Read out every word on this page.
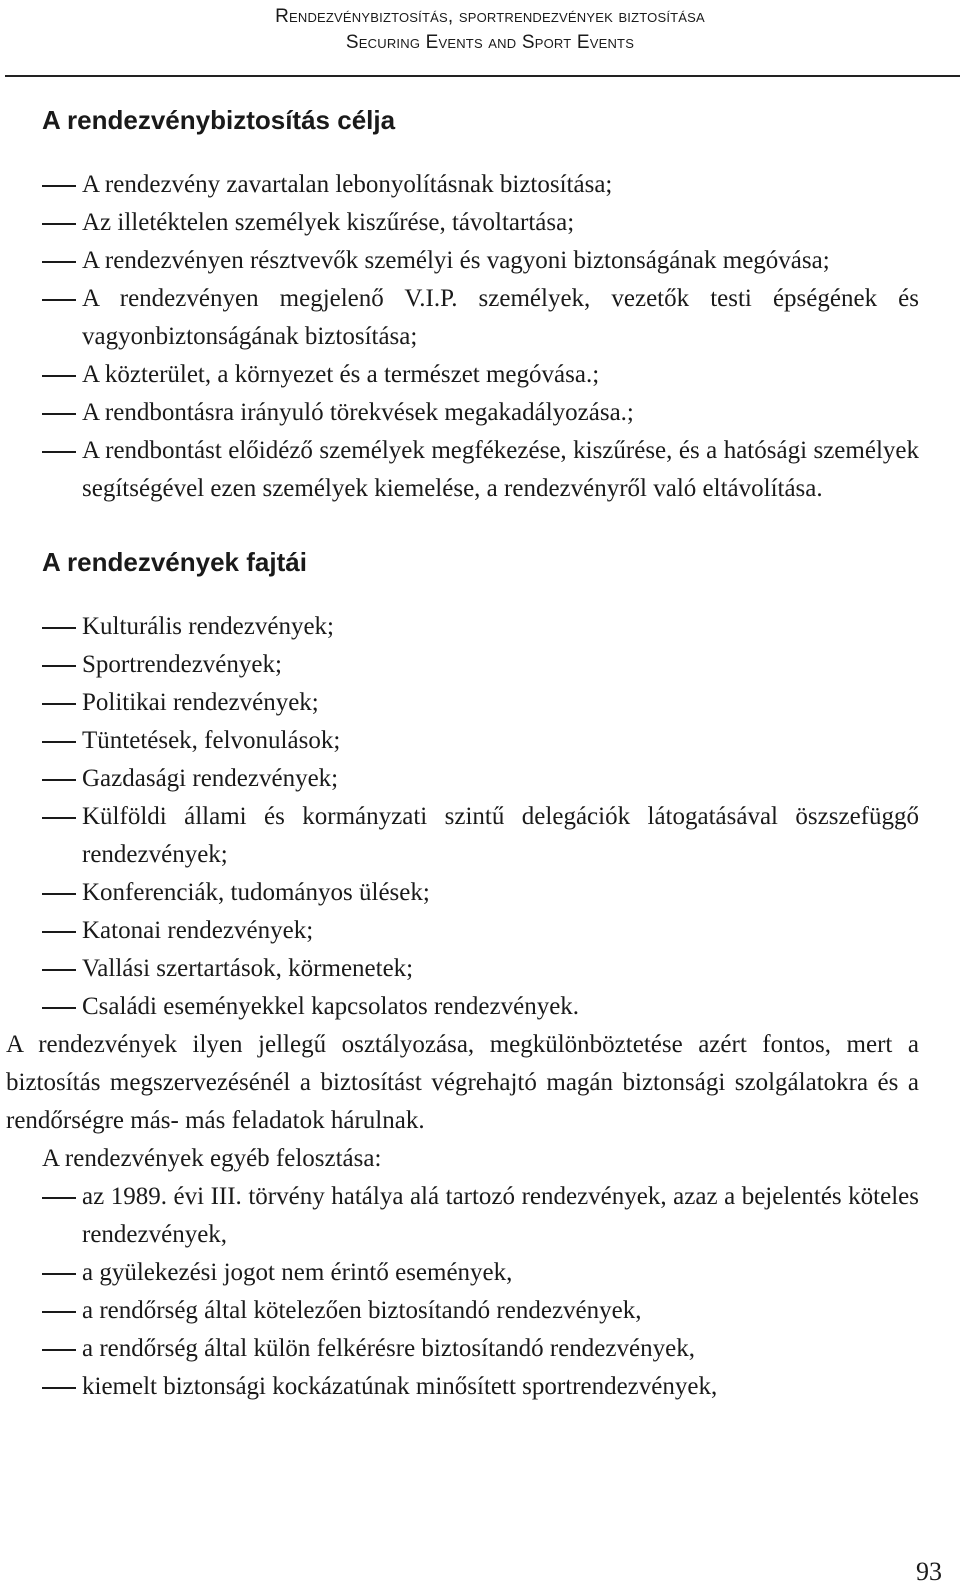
Rendezvénybiztosítás, sportrendezvények biztosítása
Securing Events and Sport Events
A rendezvénybiztosítás célja
A rendezvény zavartalan lebonyolításnak biztosítása;
Az illetéktelen személyek kiszűrése, távoltartása;
A rendezvényen résztvevők személyi és vagyoni biztonságának megóvása;
A rendezvényen megjelenő V.I.P. személyek, vezetők testi épségének és vagyonbiztonságának biztosítása;
A közterület, a környezet és a természet megóvása.;
A rendbontásra irányuló törekvések megakadályozása.;
A rendbontást előidéző személyek megfékezése, kiszűrése, és a hatósági személyek segítségével ezen személyek kiemelése, a rendezvényről való eltávolítása.
A rendezvények fajtái
Kulturális rendezvények;
Sportrendezvények;
Politikai rendezvények;
Tüntetések, felvonulások;
Gazdasági rendezvények;
Külföldi állami és kormányzati szintű delegációk látogatásával öszszefüggő rendezvények;
Konferenciák, tudományos ülések;
Katonai rendezvények;
Vallási szertartások, körmenetek;
Családi eseményekkel kapcsolatos rendezvények.

A rendezvények ilyen jellegű osztályozása, megkülönböztetése azért fontos, mert a biztosítás megszervezésénél a biztosítást végrehajtó magán biztonsági szolgálatokra és a rendőrségre más- más feladatok hárulnak.

A rendezvények egyéb felosztása:

az 1989. évi III. törvény hatálya alá tartozó rendezvények, azaz a bejelentés köteles rendezvények,
a gyülekezési jogot nem érintő események,
a rendőrség által kötelezően biztosítandó rendezvények,
a rendőrség által külön felkérésre biztosítandó rendezvények,
kiemelt biztonsági kockázatúnak minősített sportrendezvények,
93
